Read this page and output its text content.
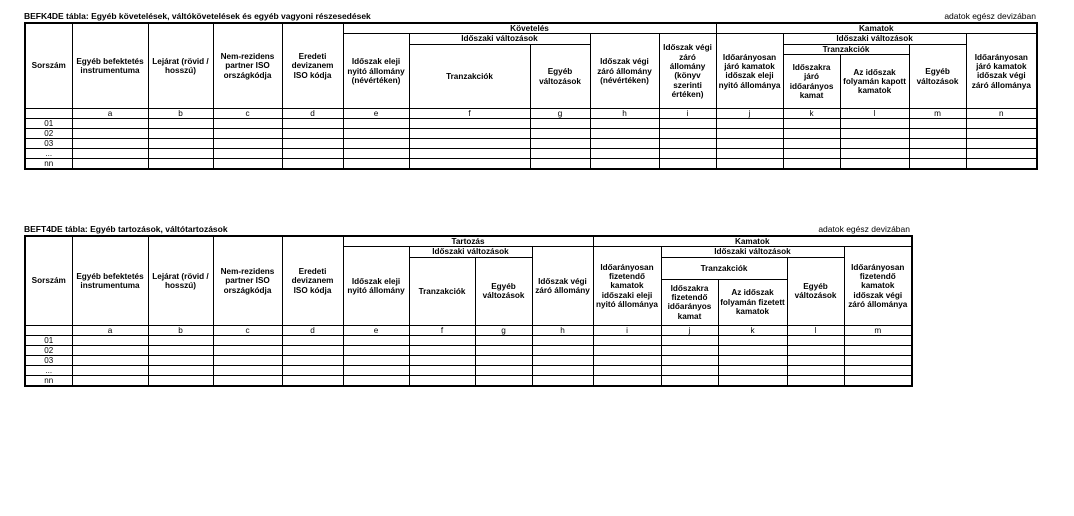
BEFK4DE tábla: Egyéb követelések, váltókövetelések és egyéb vagyoni részesedések	adatok egész devizában
Sorszám	Egyéb befektetés instrumentuma	Lejárat (rövid / hosszú)	Nem-rezidens partner ISO országkódja	Eredeti devizanem ISO kódja	Követelés					Kamatok				
					Időszak eleji nyitó állomány (névértéken)	Időszaki változások		Időszak végi záró állomány (névértéken)	Időszak végi záró állomány (könyv szerinti értéken)	Időarányosan járó kamatok időszak eleji nyitó állománya	Időszaki változások			Időarányosan járó kamatok időszak végi záró állománya
						Tranzakciók	Egyéb változások				Tranzakciók		Egyéb változások	
											Időszakra járó időarányos kamat	Az időszak folyamán kapott kamatok		
	a	b	c	d	e	f	g	h	i	j	k	l	m	n
01														
02														
03														
...														
nn														
BEFT4DE tábla: Egyéb tartozások, váltótartozások	adatok egész devizában
Sorszám	Egyéb befektetés instrumentuma	Lejárat (rövid / hosszú)	Nem-rezidens partner ISO országkódja	Eredeti devizanem ISO kódja	Tartozás				Kamatok				
					Időszak eleji nyitó állomány	Időszaki változások		Időszak végi záró állomány	Időarányosan fizetendő kamatok időszaki eleji nyitó állománya	Időszaki változások			Időarányosan fizetendő kamatok időszak végi záró állománya
						Tranzakciók	Egyéb változások			Tranzakciók		Egyéb változások	
										Időszakra fizetendő időarányos kamat	Az időszak folyamán fizetett kamatok		
	a	b	c	d	e	f	g	h	i	j	k	l	m
01													
02													
03													
...													
nn													
